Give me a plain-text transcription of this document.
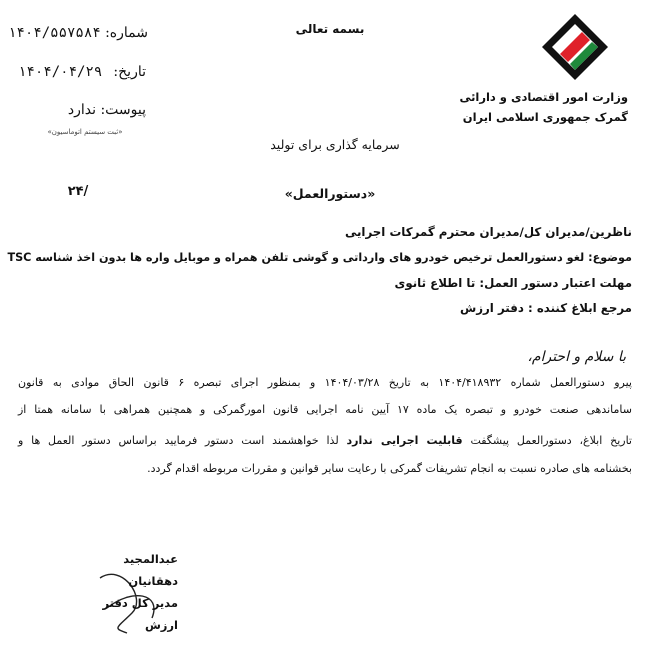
شماره:
۱۴۰۴/۵۵۷۵۸۴
تاریخ:
۱۴۰۴/۰۴/۲۹
پیوست: ندارد
«ثبت سیستم اتوماسیون»
بسمه تعالی
وزارت امور اقتصادی و دارائی
گمرک جمهوری اسلامی ایران
سرمایه گذاری برای تولید
«دستورالعمل»
۲۴/
ناظرین/مدیران کل/مدیران محترم گمرکات اجرایی
موضوع: لغو دستورالعمل ترخیص خودرو های وارداتی و گوشی تلفن همراه و موبایل واره ها بدون اخذ شناسه TSC
مهلت اعتبار دستور العمل: تا اطلاع ثانوی
مرجع ابلاغ کننده : دفتر ارزش
با سلام و احترام،
پیرو دستورالعمل شماره ۱۴۰۴/۴۱۸۹۳۲ به تاریخ ۱۴۰۴/۰۳/۲۸ و بمنظور اجرای تبصره ۶ قانون الحاق موادی به قانون
ساماندهی صنعت خودرو و تبصره یک ماده ۱۷ آیین نامه اجرایی قانون امورگمرکی و همچنین همراهی با سامانه همتا از
تاریخ ابلاغ، دستورالعمل پیشگفت قابلیت اجرایی ندارد لذا خواهشمند است دستور فرمایید براساس دستور العمل ها و
بخشنامه های صادره نسبت به انجام تشریفات گمرکی با رعایت سایر قوانین و مقررات مربوطه اقدام گردد.
عبدالمجید دهقانیان
مدیر کل دفتر ارزش
